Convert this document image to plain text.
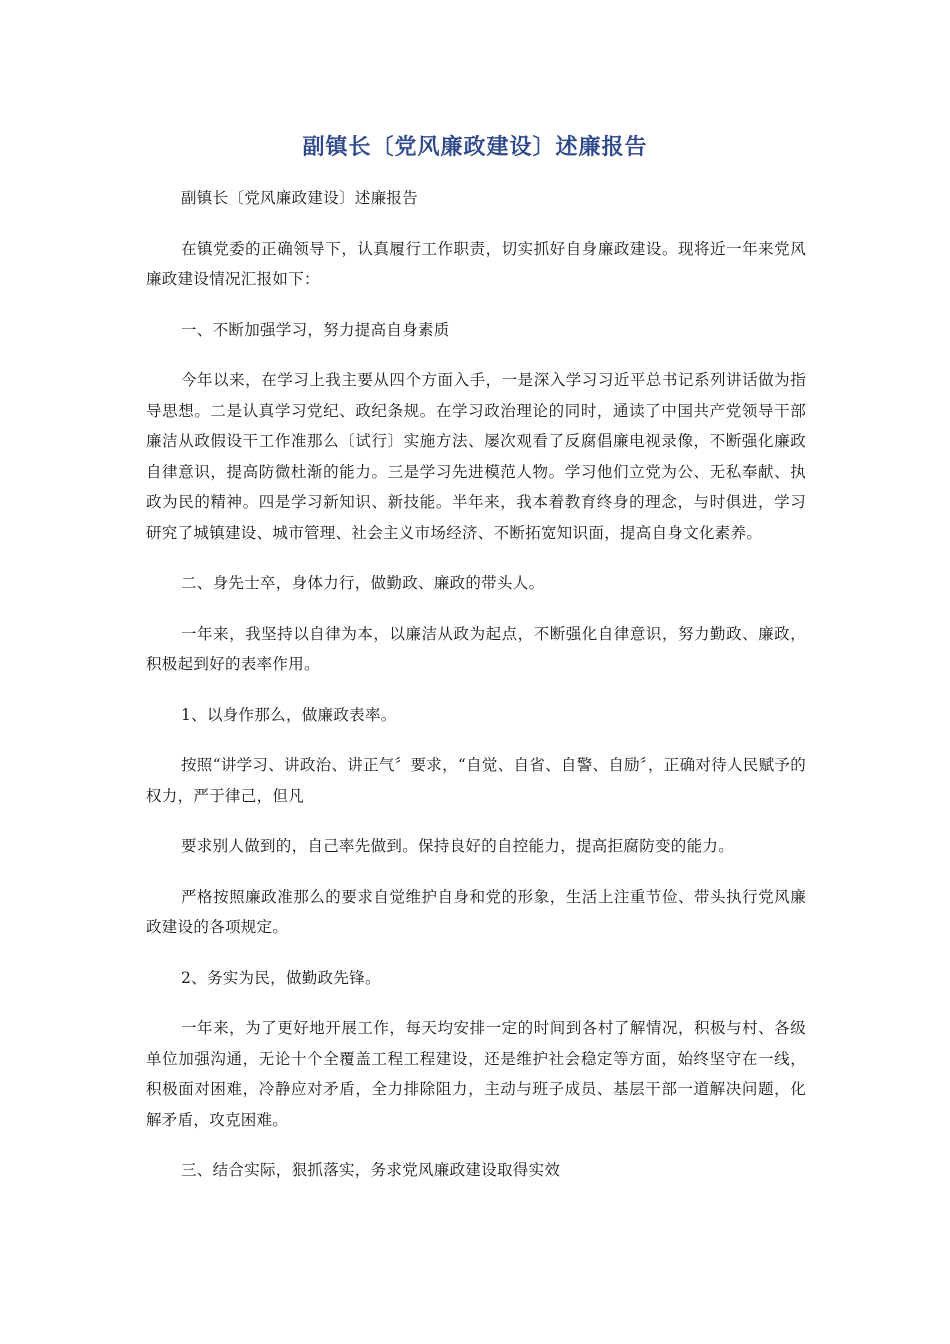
副镇长〔党风廉政建设〕述廉报告

副镇长〔党风廉政建设〕述廉报告

在镇党委的正确领导下，认真履行工作职责，切实抓好自身廉政建设。现将近一年来党风廉政建设情况汇报如下：

一、不断加强学习，努力提高自身素质

今年以来，在学习上我主要从四个方面入手，一是深入学习习近平总书记系列讲话做为指导思想。二是认真学习党纪、政纪条规。在学习政治理论的同时，通读了中国共产党领导干部廉洁从政假设干工作准那么〔试行〕实施方法、屡次观看了反腐倡廉电视录像，不断强化廉政自律意识，提高防微杜渐的能力。三是学习先进模范人物。学习他们立党为公、无私奉献、执政为民的精神。四是学习新知识、新技能。半年来，我本着教育终身的理念，与时俱进，学习研究了城镇建设、城市管理、社会主义市场经济、不断拓宽知识面，提高自身文化素养。

二、身先士卒，身体力行，做勤政、廉政的带头人。

一年来，我坚持以自律为本，以廉洁从政为起点，不断强化自律意识，努力勤政、廉政，积极起到好的表率作用。

1、以身作那么，做廉政表率。

按照“讲学习、讲政治、讲正气〞要求，“自觉、自省、自警、自励〞，正确对待人民赋予的权力，严于律己，但凡

要求别人做到的，自己率先做到。保持良好的自控能力，提高拒腐防变的能力。

严格按照廉政准那么的要求自觉维护自身和党的形象，生活上注重节俭、带头执行党风廉政建设的各项规定。

2、务实为民，做勤政先锋。

一年来，为了更好地开展工作，每天均安排一定的时间到各村了解情况，积极与村、各级单位加强沟通，无论十个全覆盖工程工程建设，还是维护社会稳定等方面，始终坚守在一线，积极面对困难，冷静应对矛盾，全力排除阻力，主动与班子成员、基层干部一道解决问题，化解矛盾，攻克困难。

三、结合实际，狠抓落实，务求党风廉政建设取得实效
